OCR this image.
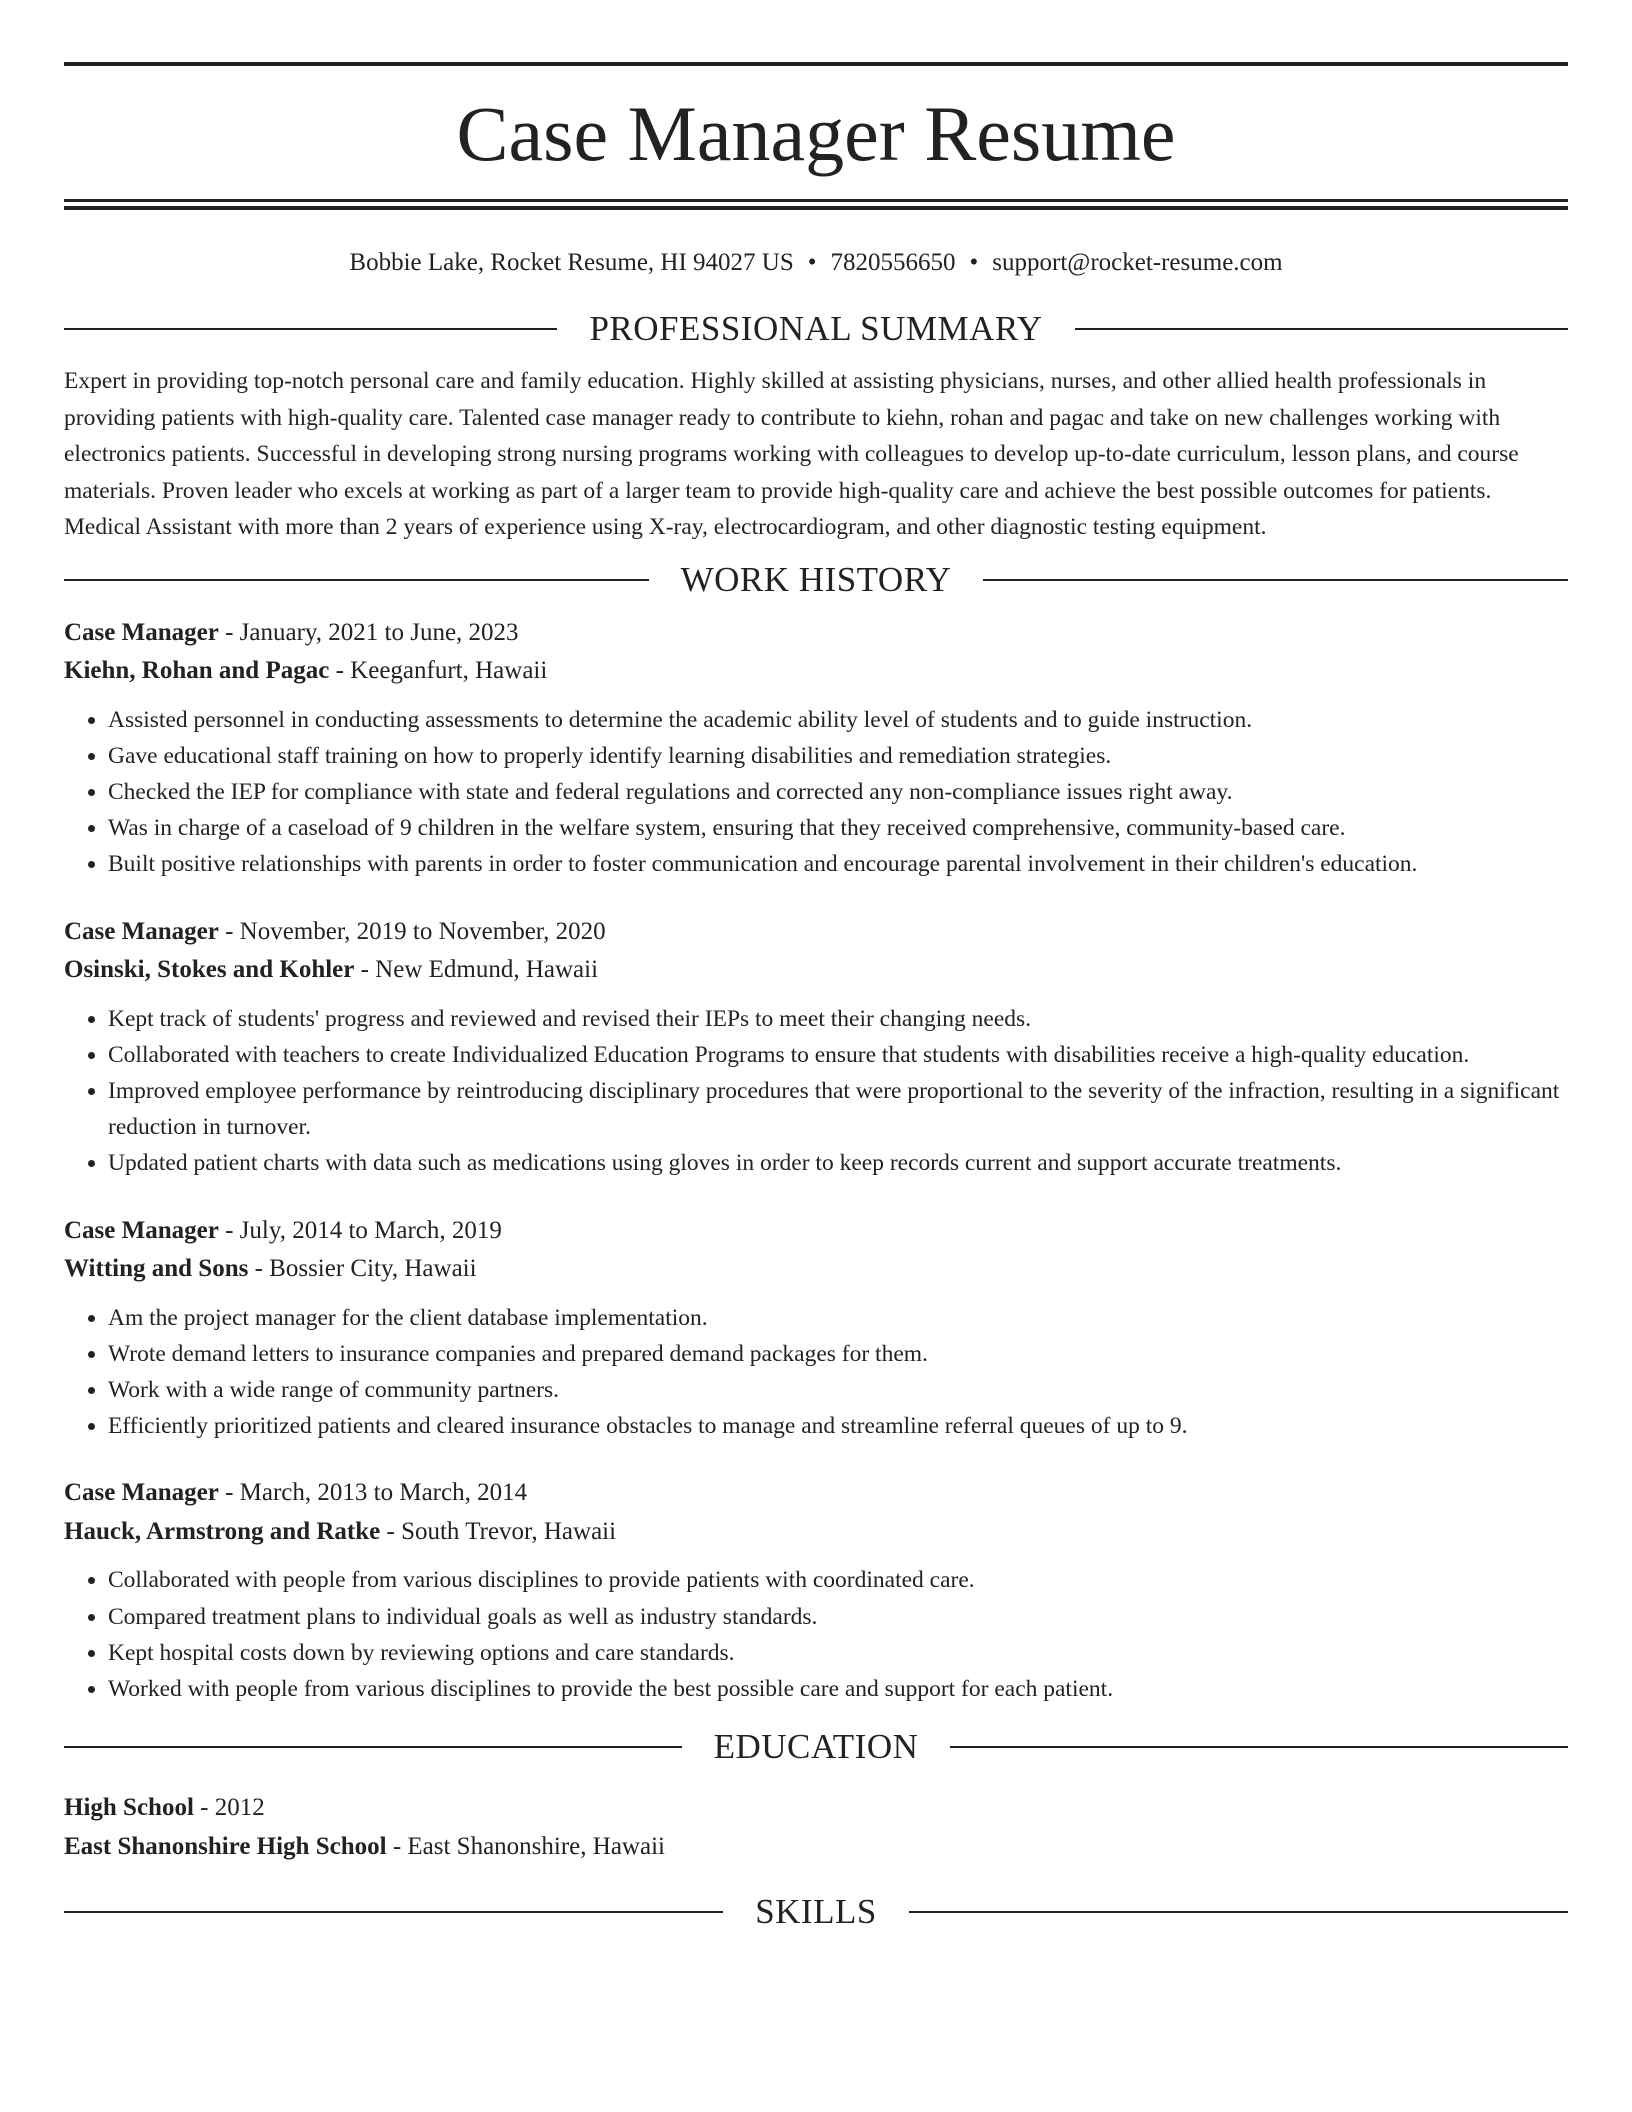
Case Manager Resume
Bobbie Lake, Rocket Resume, HI 94027 US • 7820556650 • support@rocket-resume.com
PROFESSIONAL SUMMARY

Expert in providing top-notch personal care and family education. Highly skilled at assisting physicians, nurses, and other allied health professionals in providing patients with high-quality care. Talented case manager ready to contribute to kiehn, rohan and pagac and take on new challenges working with electronics patients. Successful in developing strong nursing programs working with colleagues to develop up-to-date curriculum, lesson plans, and course materials. Proven leader who excels at working as part of a larger team to provide high-quality care and achieve the best possible outcomes for patients. Medical Assistant with more than 2 years of experience using X-ray, electrocardiogram, and other diagnostic testing equipment.

WORK HISTORY
Case Manager - January, 2021 to June, 2023
Kiehn, Rohan and Pagac - Keeganfurt, Hawaii
• Assisted personnel in conducting assessments to determine the academic ability level of students and to guide instruction.
• Gave educational staff training on how to properly identify learning disabilities and remediation strategies.
• Checked the IEP for compliance with state and federal regulations and corrected any non-compliance issues right away.
• Was in charge of a caseload of 9 children in the welfare system, ensuring that they received comprehensive, community-based care.
• Built positive relationships with parents in order to foster communication and encourage parental involvement in their children's education.
Case Manager - November, 2019 to November, 2020
Osinski, Stokes and Kohler - New Edmund, Hawaii
• Kept track of students' progress and reviewed and revised their IEPs to meet their changing needs.
• Collaborated with teachers to create Individualized Education Programs to ensure that students with disabilities receive a high-quality education.
• Improved employee performance by reintroducing disciplinary procedures that were proportional to the severity of the infraction, resulting in a significant reduction in turnover.
• Updated patient charts with data such as medications using gloves in order to keep records current and support accurate treatments.
Case Manager - July, 2014 to March, 2019
Witting and Sons - Bossier City, Hawaii
• Am the project manager for the client database implementation.
• Wrote demand letters to insurance companies and prepared demand packages for them.
• Work with a wide range of community partners.
• Efficiently prioritized patients and cleared insurance obstacles to manage and streamline referral queues of up to 9.
Case Manager - March, 2013 to March, 2014
Hauck, Armstrong and Ratke - South Trevor, Hawaii
• Collaborated with people from various disciplines to provide patients with coordinated care.
• Compared treatment plans to individual goals as well as industry standards.
• Kept hospital costs down by reviewing options and care standards.
• Worked with people from various disciplines to provide the best possible care and support for each patient.
EDUCATION
High School - 2012
East Shanonshire High School - East Shanonshire, Hawaii
SKILLS
